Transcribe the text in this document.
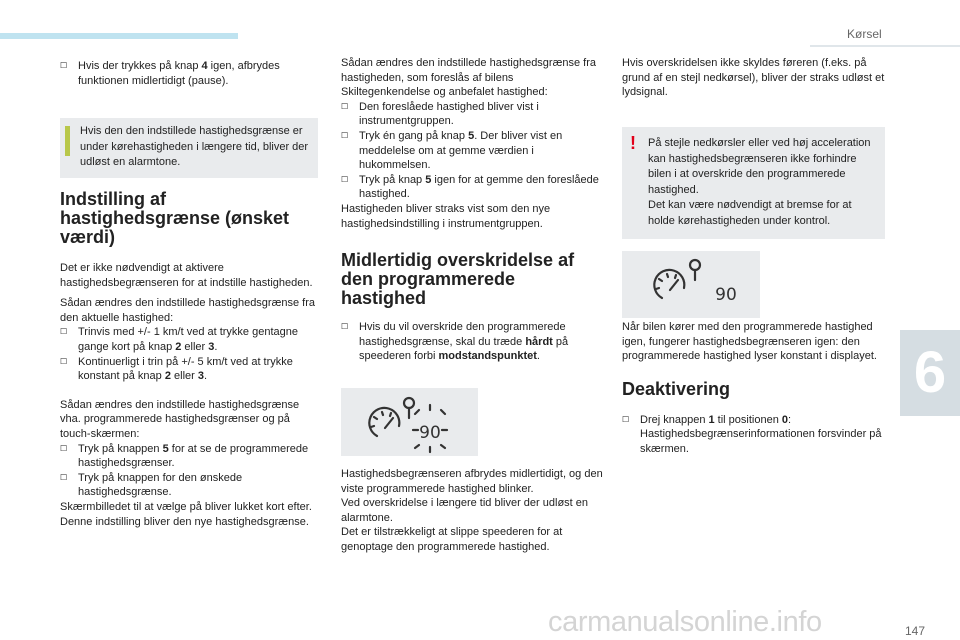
Kørsel
6
147
☐ Hvis der trykkes på knap 4 igen, afbrydes funktionen midlertidigt (pause).
Hvis den den indstillede hastighedsgrænse er under kørehastigheden i længere tid, bliver der udløst en alarmtone.
Indstilling af hastighedsgrænse (ønsket værdi)

Det er ikke nødvendigt at aktivere hastighedsbegrænseren for at indstille hastigheden.

Sådan ændres den indstillede hastighedsgrænse fra den aktuelle hastighed:

☐ Trinvis med +/- 1 km/t ved at trykke gentagne gange kort på knap 2 eller 3.
☐ Kontinuerligt i trin på +/- 5 km/t ved at trykke konstant på knap 2 eller 3.

Sådan ændres den indstillede hastighedsgrænse vha. programmerede hastighedsgrænser og på touch-skærmen:

☐ Tryk på knappen 5 for at se de programmerede hastighedsgrænser.
☐ Tryk på knappen for den ønskede hastighedsgrænse.

Skærmbilledet til at vælge på bliver lukket kort efter.

Denne indstilling bliver den nye hastighedsgrænse.

Sådan ændres den indstillede hastighedsgrænse fra hastigheden, som foreslås af bilens Skiltegenkendelse og anbefalet hastighed:

☐ Den foreslåede hastighed bliver vist i instrumentgruppen.
☐ Tryk én gang på knap 5. Der bliver vist en meddelelse om at gemme værdien i hukommelsen.
☐ Tryk på knap 5 igen for at gemme den foreslåede hastighed.

Hastigheden bliver straks vist som den nye hastighedsindstilling i instrumentgruppen.

Midlertidig overskridelse af den programmerede hastighed
☐ Hvis du vil overskride den programmerede hastighedsgrænse, skal du træde hårdt på speederen forbi modstandspunktet.
90

Hastighedsbegrænseren afbrydes midlertidigt, og den viste programmerede hastighed blinker.

Ved overskridelse i længere tid bliver der udløst en alarmtone.

Det er tilstrækkeligt at slippe speederen for at genoptage den programmerede hastighed.

Hvis overskridelsen ikke skyldes føreren (f.eks. på grund af en stejl nedkørsel), bliver der straks udløst et lydsignal.

! På stejle nedkørsler eller ved høj acceleration kan hastighedsbegrænseren ikke forhindre bilen i at overskride den programmerede hastighed.
Det kan være nødvendigt at bremse for at holde kørehastigheden under kontrol.
90

Når bilen kører med den programmerede hastighed igen, fungerer hastighedsbegrænseren igen: den programmerede hastighed lyser konstant i displayet.

Deaktivering
☐ Drej knappen 1 til positionen 0:
Hastighedsbegrænserinformationen forsvinder på skærmen.
carmanualsonline.info
